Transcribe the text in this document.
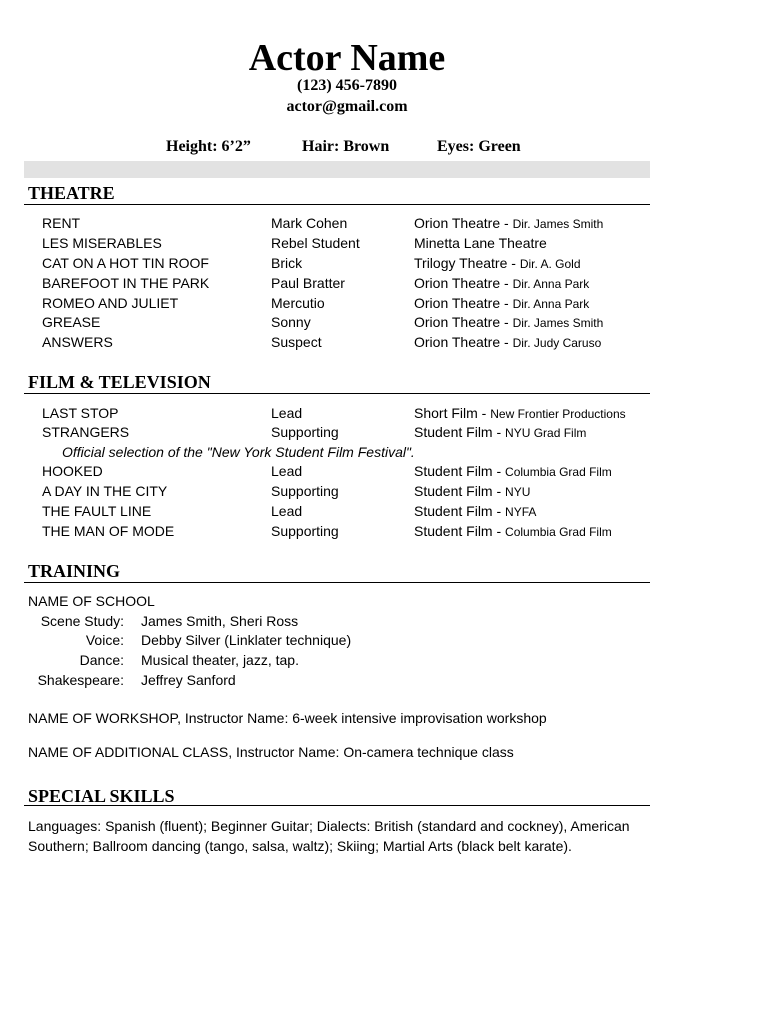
Actor Name
(123) 456-7890
actor@gmail.com
Height: 6’2”	Hair: Brown	Eyes: Green
THEATRE
RENT	Mark Cohen	Orion Theatre - Dir. James Smith
LES MISERABLES	Rebel Student	Minetta Lane Theatre
CAT ON A HOT TIN ROOF	Brick	Trilogy Theatre - Dir. A. Gold
BAREFOOT IN THE PARK	Paul Bratter	Orion Theatre - Dir. Anna Park
ROMEO AND JULIET	Mercutio	Orion Theatre - Dir. Anna Park
GREASE	Sonny	Orion Theatre - Dir. James Smith
ANSWERS	Suspect	Orion Theatre - Dir. Judy Caruso
FILM & TELEVISION
LAST STOP	Lead	Short Film - New Frontier Productions
STRANGERS	Supporting	Student Film - NYU Grad Film
HOOKED	Lead	Student Film - Columbia Grad Film
A DAY IN THE CITY	Supporting	Student Film - NYU
THE FAULT LINE	Lead	Student Film - NYFA
THE MAN OF MODE	Supporting	Student Film - Columbia Grad Film
Official selection of the "New York Student Film Festival".
TRAINING
NAME OF SCHOOL
Scene Study: James Smith, Sheri Ross
Voice: Debby Silver (Linklater technique)
Dance: Musical theater, jazz, tap.
Shakespeare: Jeffrey Sanford
NAME OF WORKSHOP, Instructor Name: 6-week intensive improvisation workshop
NAME OF ADDITIONAL CLASS, Instructor Name: On-camera technique class
SPECIAL SKILLS
Languages: Spanish (fluent); Beginner Guitar; Dialects: British (standard and cockney), American Southern; Ballroom dancing (tango, salsa, waltz); Skiing; Martial Arts (black belt karate).
